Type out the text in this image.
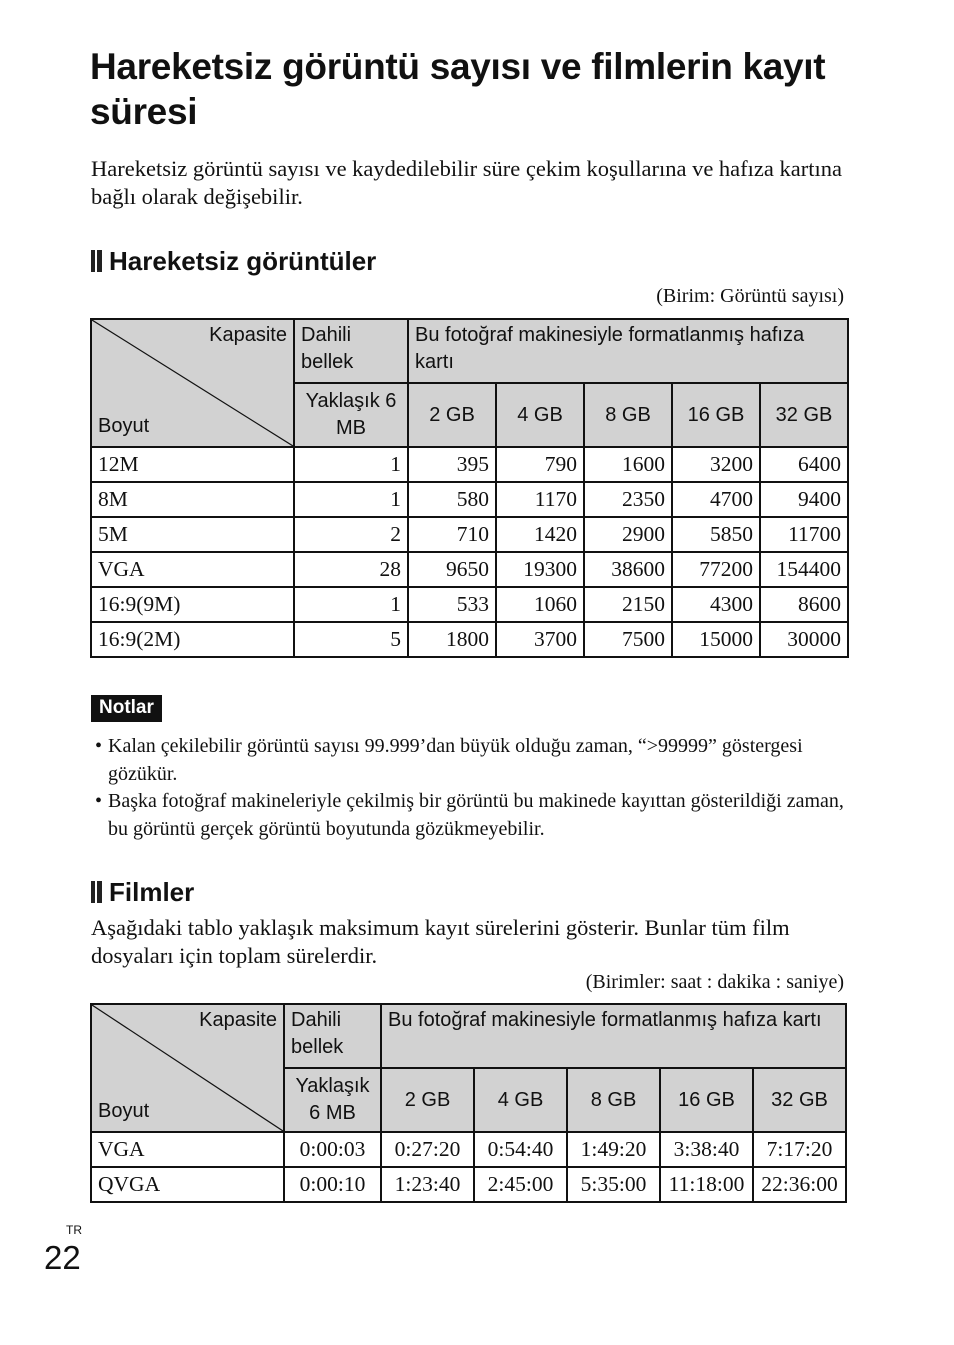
Hareketsiz görüntü sayısı ve filmlerin kayıt süresi

Hareketsiz görüntü sayısı ve kaydedilebilir süre çekim koşullarına ve hafıza kartına bağlı olarak değişebilir.

Hareketsiz görüntüler

(Birim: Görüntü sayısı)

Kapasite
Boyut	Dahili bellek	Bu fotoğraf makinesiyle formatlanmış hafıza kartı				
	Yaklaşık 6 MB	2 GB	4 GB	8 GB	16 GB	32 GB
12M	1	395	790	1600	3200	6400
8M	1	580	1170	2350	4700	9400
5M	2	710	1420	2900	5850	11700
VGA	28	9650	19300	38600	77200	154400
16:9(9M)	1	533	1060	2150	4300	8600
16:9(2M)	5	1800	3700	7500	15000	30000
Notlar
• Kalan çekilebilir görüntü sayısı 99.999’dan büyük olduğu zaman, “>99999” göstergesi gözükür.
• Başka fotoğraf makineleriyle çekilmiş bir görüntü bu makinede kayıttan gösterildiği zaman, bu görüntü gerçek görüntü boyutunda gözükmeyebilir.
Filmler

Aşağıdaki tablo yaklaşık maksimum kayıt sürelerini gösterir. Bunlar tüm film dosyaları için toplam sürelerdir.

(Birimler: saat : dakika : saniye)

Kapasite
Boyut	Dahili bellek	Bu fotoğraf makinesiyle formatlanmış hafıza kartı				
	Yaklaşık 6 MB	2 GB	4 GB	8 GB	16 GB	32 GB
VGA	0:00:03	0:27:20	0:54:40	1:49:20	3:38:40	7:17:20
QVGA	0:00:10	1:23:40	2:45:00	5:35:00	11:18:00	22:36:00
TR
22
